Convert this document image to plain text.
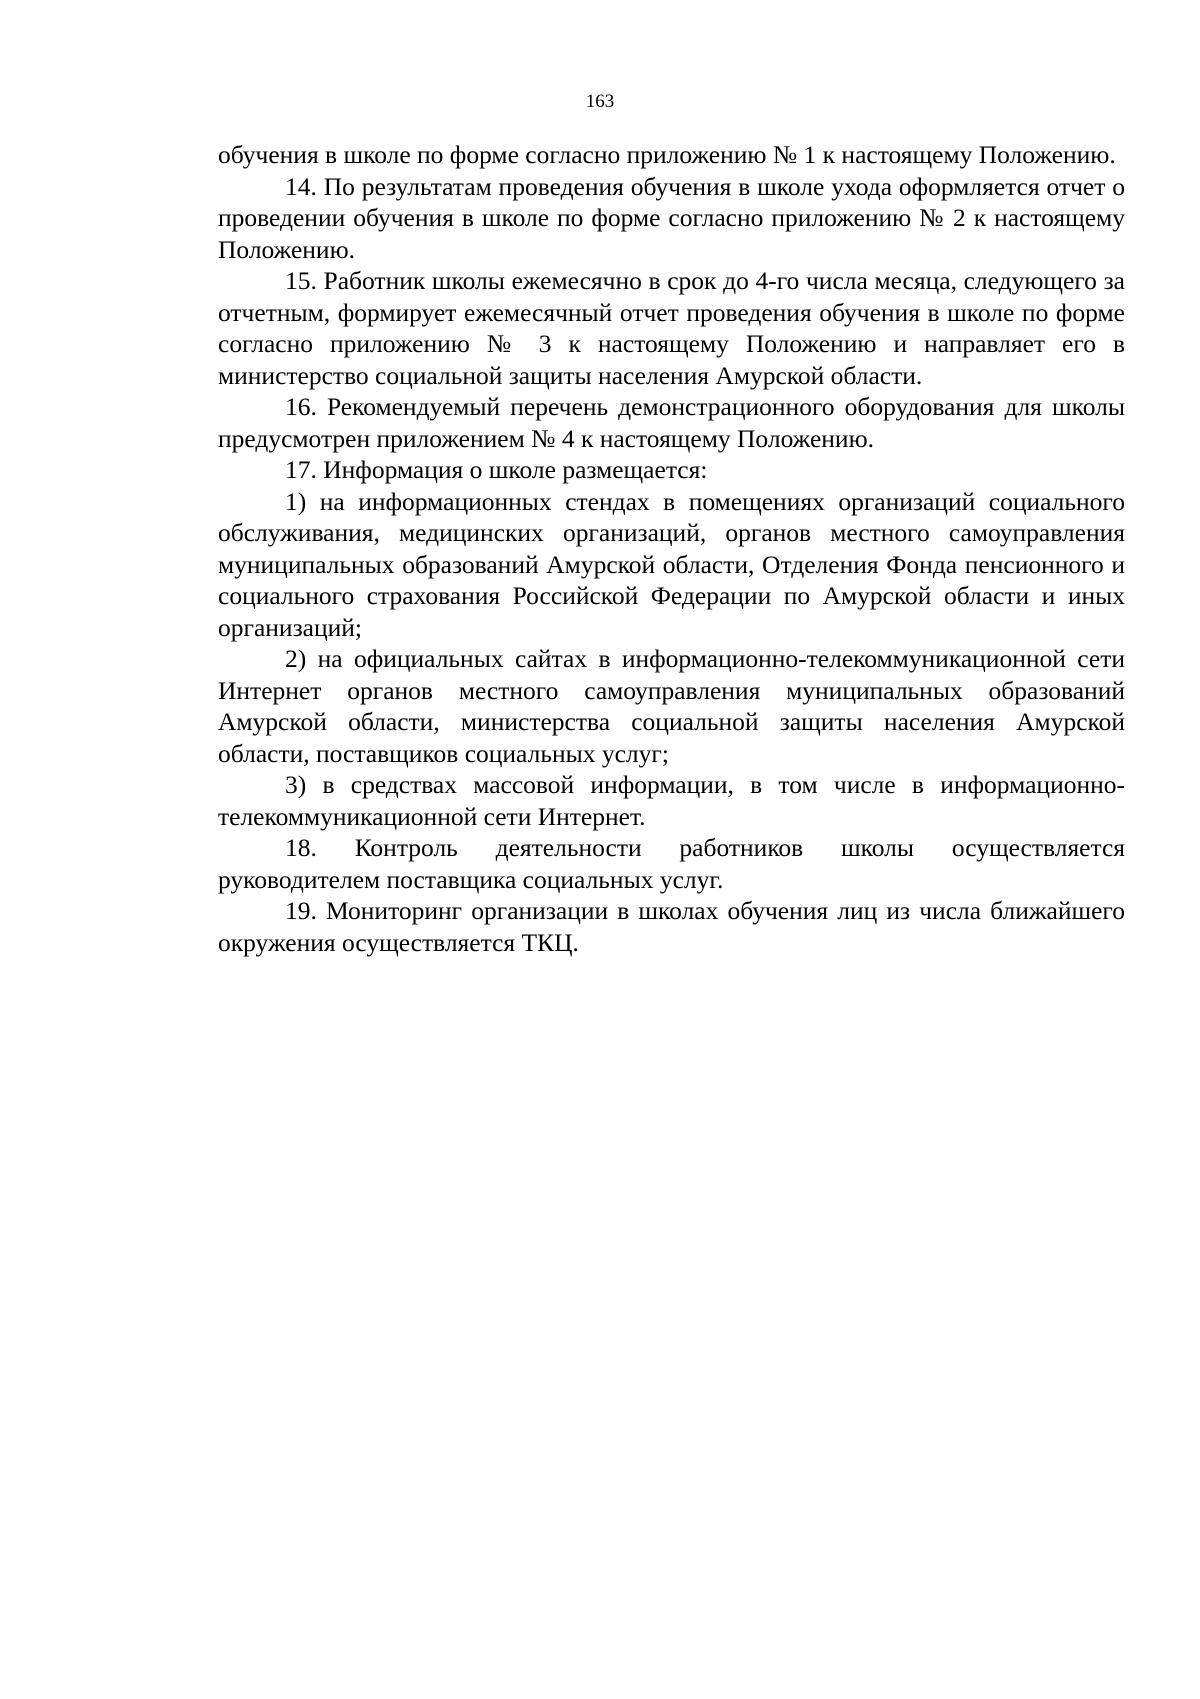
163

обучения в школе по форме согласно приложению № 1 к настоящему Положению.

14. По результатам проведения обучения в школе ухода оформляется отчет о проведении обучения в школе по форме согласно приложению № 2 к настоящему Положению.

15. Работник школы ежемесячно в срок до 4-го числа месяца, следующего за отчетным, формирует ежемесячный отчет проведения обучения в школе по форме согласно приложению № 3 к настоящему Положению и направляет его в министерство социальной защиты населения Амурской области.

16. Рекомендуемый перечень демонстрационного оборудования для школы предусмотрен приложением № 4 к настоящему Положению.

17. Информация о школе размещается:

1) на информационных стендах в помещениях организаций социального обслуживания, медицинских организаций, органов местного самоуправления муниципальных образований Амурской области, Отделения Фонда пенсионного и социального страхования Российской Федерации по Амурской области и иных организаций;

2) на официальных сайтах в информационно-телекоммуникационной сети Интернет органов местного самоуправления муниципальных образований Амурской области, министерства социальной защиты населения Амурской области, поставщиков социальных услуг;

3) в средствах массовой информации, в том числе в информационно-телекоммуникационной сети Интернет.

18. Контроль деятельности работников школы осуществляется руководителем поставщика социальных услуг.

19. Мониторинг организации в школах обучения лиц из числа ближайшего окружения осуществляется ТКЦ.
